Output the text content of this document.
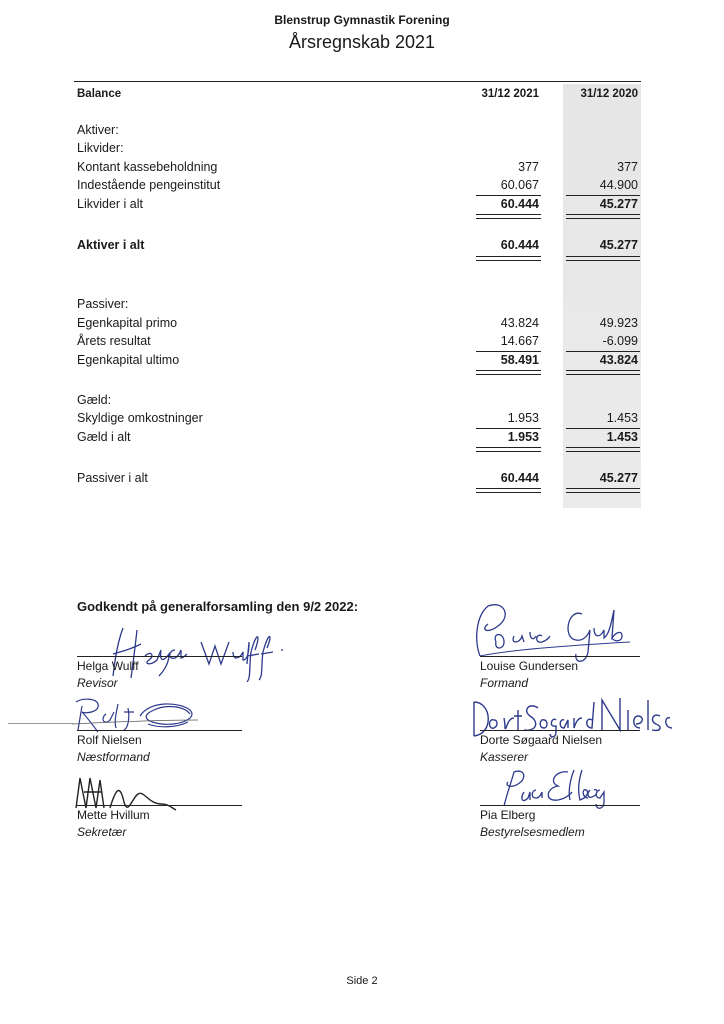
Blenstrup Gymnastik Forening
Årsregnskab 2021
Balance	31/12 2021	31/12 2020
Aktiver:
Likvider:
Kontant kassebeholdning	377	377
Indestående pengeinstitut	60.067	44.900
Likvider i alt	60.444	45.277
Aktiver i alt	60.444	45.277
Passiver:
Egenkapital primo	43.824	49.923
Årets resultat	14.667	-6.099
Egenkapital ultimo	58.491	43.824
Gæld:
Skyldige omkostninger	1.953	1.453
Gæld i alt	1.953	1.453
Passiver i alt	60.444	45.277
Godkendt på generalforsamling den 9/2 2022:
Helga Wulff
Revisor
Louise Gundersen
Formand
Rolf Nielsen
Næstformand
Dorte Søgaard Nielsen
Kasserer
Mette Hvillum
Sekretær
Pia Elberg
Bestyrelsesmedlem
Side 2
